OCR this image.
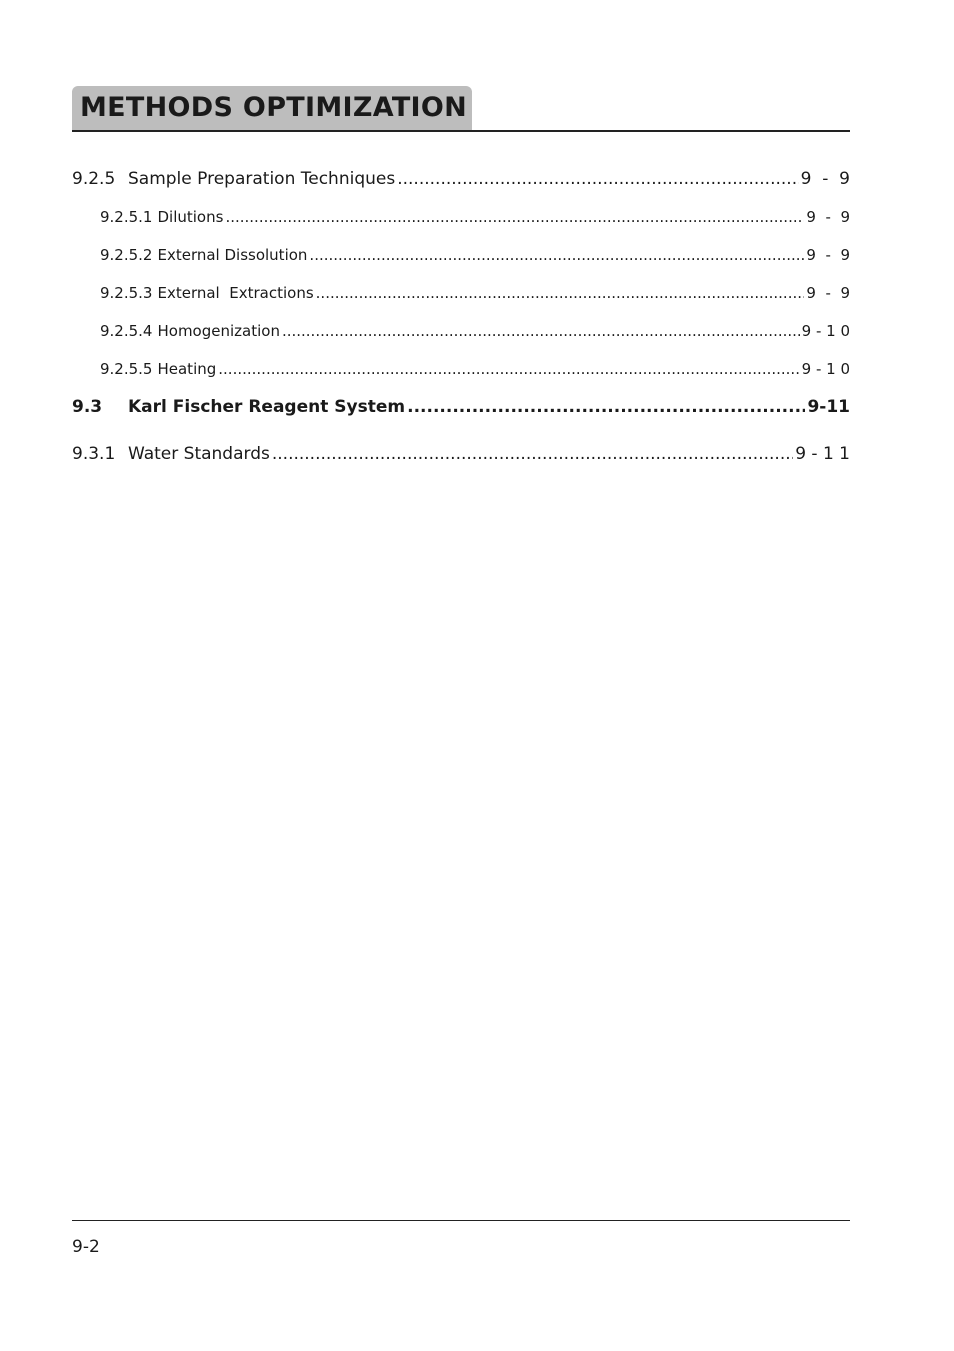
METHODS OPTIMIZATION
9.2.5 Sample Preparation Techniques .....	9  -  9
9.2.5.1 Dilutions .....	9  -  9
9.2.5.2 External Dissolution .....	9  -  9
9.2.5.3 External  Extractions .....	9  -  9
9.2.5.4 Homogenization .....	9 - 1 0
9.2.5.5 Heating .....	9 - 1 0
9.3	Karl Fischer Reagent System .....	9-11
9.3.1 Water Standards .....	9 - 1 1
9-2
